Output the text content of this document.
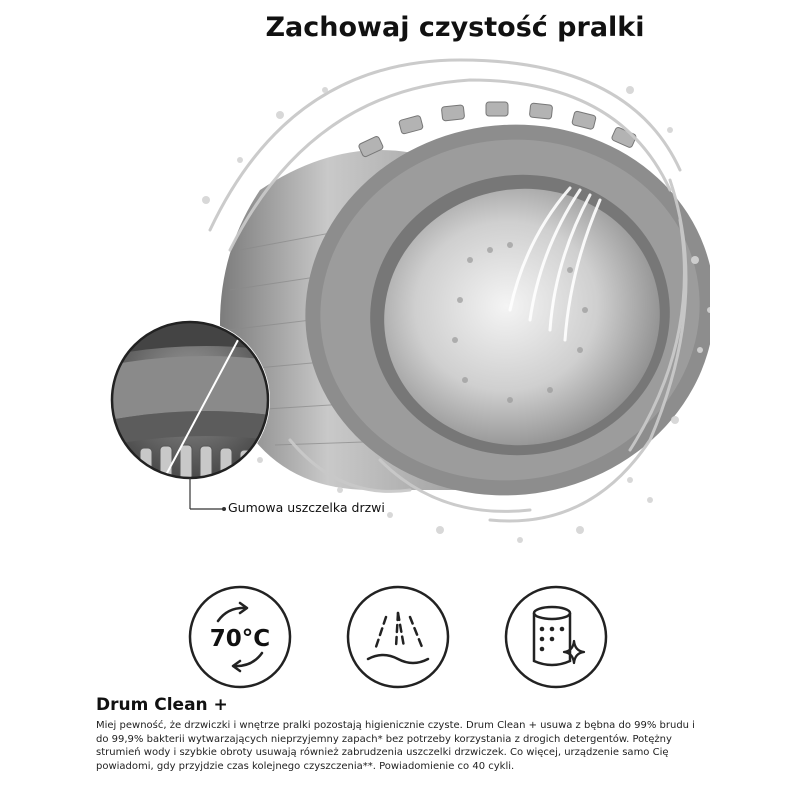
Zachowaj czystość pralki
Gumowa uszczelka drzwi
70°C
Drum Clean +
Miej pewność, że drzwiczki i wnętrze pralki pozostają higienicznie czyste. Drum Clean + usuwa z bębna do 99% brudu i do 99,9% bakterii wytwarzających nieprzyjemny zapach* bez potrzeby korzystania z drogich detergentów. Potężny strumień wody i szybkie obroty usuwają również zabrudzenia uszczelki drzwiczek. Co więcej, urządzenie samo Cię powiadomi, gdy przyjdzie czas kolejnego czyszczenia**. Powiadomienie co 40 cykli.
